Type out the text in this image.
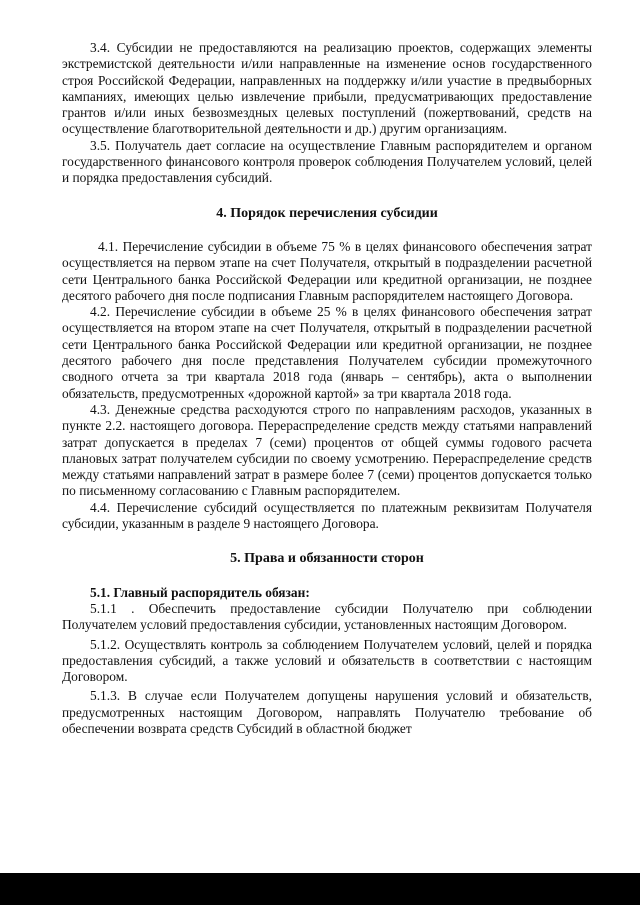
3.4. Субсидии не предоставляются на реализацию проектов, содержащих элементы экстремистской деятельности и/или направленные на изменение основ государственного строя Российской Федерации, направленных на поддержку и/или участие в предвыборных кампаниях, имеющих целью извлечение прибыли, предусматривающих предоставление грантов и/или иных безвозмездных целевых поступлений (пожертвований, средств на осуществление благотворительной деятельности и др.) другим организациям.

3.5. Получатель дает согласие на осуществление Главным распорядителем и органом государственного финансового контроля проверок соблюдения Получателем условий, целей и порядка предоставления субсидий.

4. Порядок перечисления субсидии

4.1. Перечисление субсидии в объеме 75 % в целях финансового обеспечения затрат осуществляется на первом этапе на счет Получателя, открытый в подразделении расчетной сети Центрального банка Российской Федерации или кредитной организации, не позднее десятого рабочего дня после подписания Главным распорядителем настоящего Договора.

4.2. Перечисление субсидии в объеме 25 % в целях финансового обеспечения затрат осуществляется на втором этапе на счет Получателя, открытый в подразделении расчетной сети Центрального банка Российской Федерации или кредитной организации, не позднее десятого рабочего дня после представления Получателем субсидии промежуточного сводного отчета за три квартала 2018 года (январь – сентябрь), акта о выполнении обязательств, предусмотренных «дорожной картой» за три квартала 2018 года.

4.3. Денежные средства расходуются строго по направлениям расходов, указанных в пункте 2.2. настоящего договора. Перераспределение средств между статьями направлений затрат допускается в пределах 7 (семи) процентов от общей суммы годового расчета плановых затрат получателем субсидии по своему усмотрению. Перераспределение средств между статьями направлений затрат в размере более 7 (семи) процентов допускается только по письменному согласованию с Главным распорядителем.

4.4. Перечисление субсидий осуществляется по платежным реквизитам Получателя субсидии, указанным в разделе 9 настоящего Договора.

5. Права и обязанности сторон

5.1. Главный распорядитель обязан:

5.1.1 . Обеспечить предоставление субсидии Получателю при соблюдении Получателем условий предоставления субсидии, установленных настоящим Договором.

5.1.2. Осуществлять контроль за соблюдением Получателем условий, целей и порядка предоставления субсидий, а также условий и обязательств в соответствии с настоящим Договором.

5.1.3. В случае если Получателем допущены нарушения условий и обязательств, предусмотренных настоящим Договором, направлять Получателю требование об обеспечении возврата средств Субсидий в областной бюджет
